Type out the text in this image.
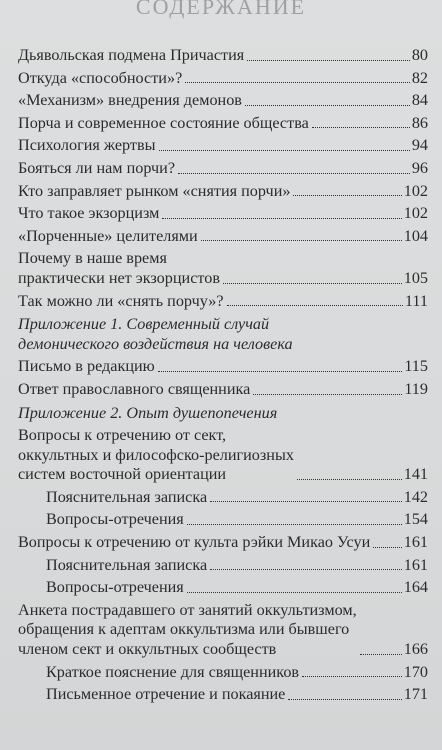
СОДЕРЖАНИЕ
Дьявольская подмена Причастия	80
Откуда «способности»?	82
«Механизм» внедрения демонов	84
Порча и современное состояние общества	86
Психология жертвы	94
Бояться ли нам порчи?	96
Кто заправляет рынком «снятия порчи»	102
Что такое экзорцизм	102
«Порченные» целителями	104
Почему в наше время
практически нет экзорцистов	105
Так можно ли «снять порчу»?	111
Приложение 1. Современный случай
демонического воздействия на человека
Письмо в редакцию	115
Ответ православного священника	119
Приложение 2. Опыт душепопечения
Вопросы к отречению от сект,
оккультных и философско-религиозных
систем восточной ориентации	141
Пояснительная записка	142
Вопросы-отречения	154
Вопросы к отречению от культа рэйки Микао Усуи 161
Пояснительная записка	161
Вопросы-отречения	164
Анкета пострадавшего от занятий оккультизмом,
обращения к адептам оккультизма или бывшего
членом сект и оккультных сообществ	166
Краткое пояснение для священников	170
Письменное отречение и покаяние	171
